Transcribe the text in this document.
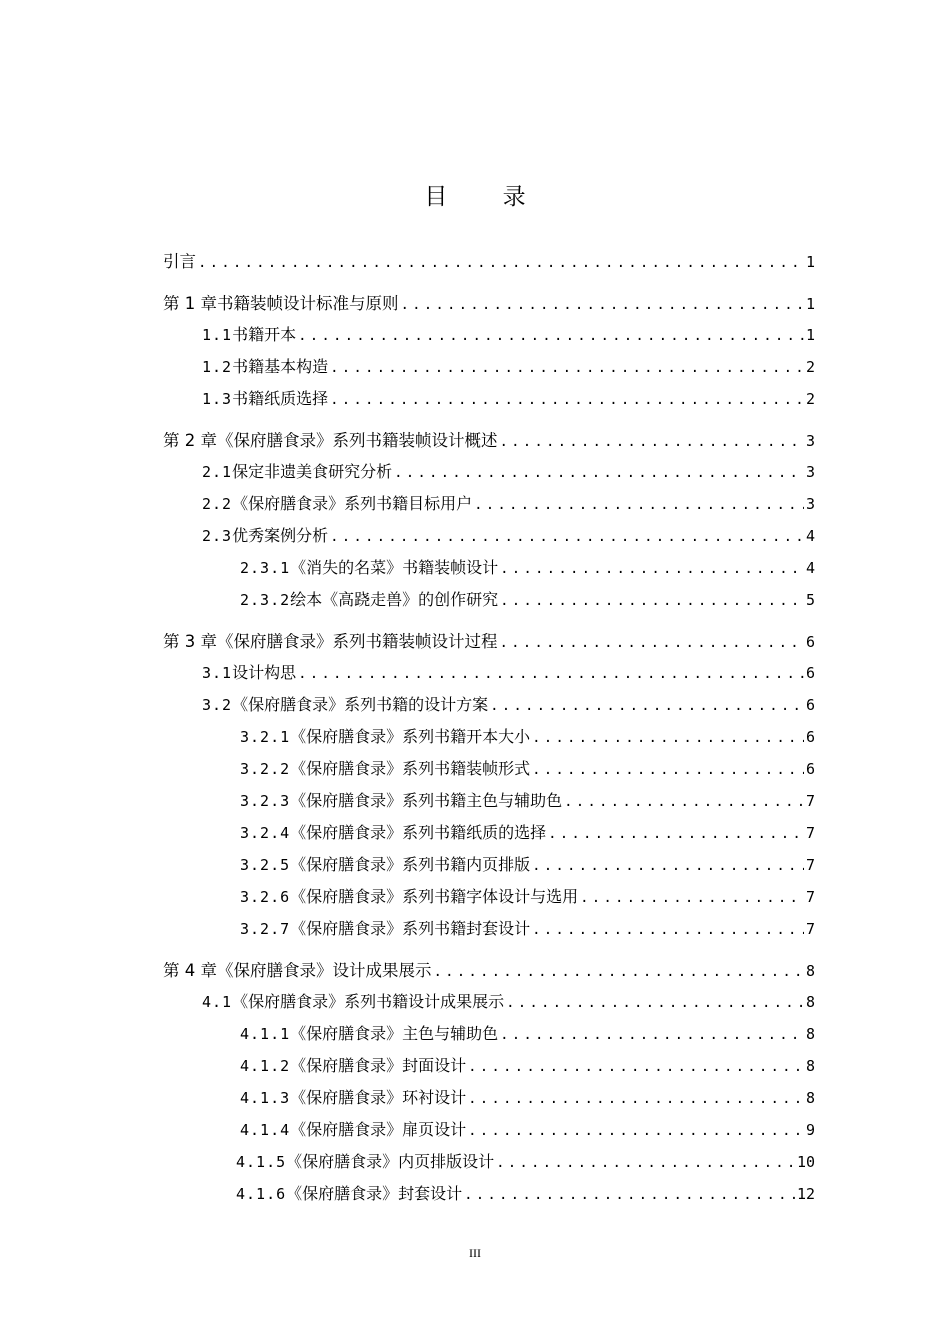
目 录
引言 .....	1
第 1 章 书籍装帧设计标准与原则 .....	1
1.1 书籍开本 .....	1
1.2 书籍基本构造 .....	2
1.3 书籍纸质选择 .....	2
第 2 章 《保府膳食录》系列书籍装帧设计概述 .....	3
2.1 保定非遗美食研究分析 .....	3
2.2 《保府膳食录》系列书籍目标用户 .....	3
2.3 优秀案例分析 .....	4
2.3.1 《消失的名菜》书籍装帧设计 .....	4
2.3.2 绘本《高跷走兽》的创作研究 .....	5
第 3 章 《保府膳食录》系列书籍装帧设计过程 .....	6
3.1 设计构思 .....	6
3.2 《保府膳食录》系列书籍的设计方案 .....	6
3.2.1 《保府膳食录》系列书籍开本大小 .....	6
3.2.2 《保府膳食录》系列书籍装帧形式 .....	6
3.2.3 《保府膳食录》系列书籍主色与辅助色 .....	7
3.2.4 《保府膳食录》系列书籍纸质的选择 .....	7
3.2.5 《保府膳食录》系列书籍内页排版 .....	7
3.2.6 《保府膳食录》系列书籍字体设计与选用 .....	7
3.2.7 《保府膳食录》系列书籍封套设计 .....	7
第 4 章 《保府膳食录》设计成果展示 .....	8
4.1 《保府膳食录》系列书籍设计成果展示 .....	8
4.1.1 《保府膳食录》主色与辅助色 .....	8
4.1.2 《保府膳食录》封面设计 .....	8
4.1.3 《保府膳食录》环衬设计 .....	8
4.1.4 《保府膳食录》扉页设计 .....	9
4.1.5 《保府膳食录》内页排版设计 .....	10
4.1.6 《保府膳食录》封套设计 .....	12
III
